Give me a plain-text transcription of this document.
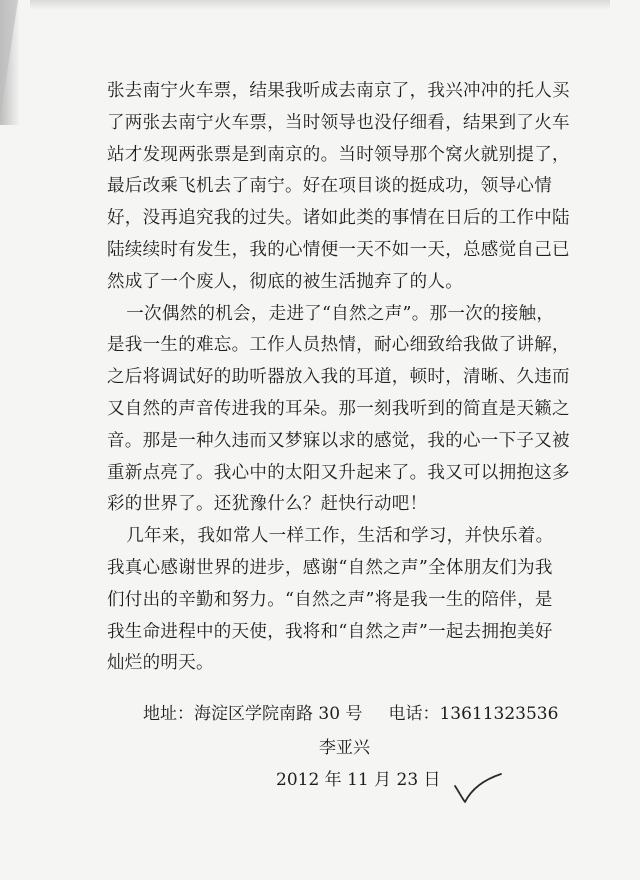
张去南宁火车票，结果我听成去南京了，我兴冲冲的托人买
了两张去南宁火车票，当时领导也没仔细看，结果到了火车
站才发现两张票是到南京的。当时领导那个窝火就别提了，
最后改乘飞机去了南宁。好在项目谈的挺成功，领导心情
好，没再追究我的过失。诸如此类的事情在日后的工作中陆
陆续续时有发生，我的心情便一天不如一天，总感觉自己已
然成了一个废人，彻底的被生活抛弃了的人。

一次偶然的机会，走进了“自然之声”。那一次的接触，
是我一生的难忘。工作人员热情，耐心细致给我做了讲解，
之后将调试好的助听器放入我的耳道，顿时，清晰、久违而
又自然的声音传进我的耳朵。那一刻我听到的简直是天籁之
音。那是一种久违而又梦寐以求的感觉，我的心一下子又被
重新点亮了。我心中的太阳又升起来了。我又可以拥抱这多
彩的世界了。还犹豫什么？赶快行动吧！

几年来，我如常人一样工作，生活和学习，并快乐着。
我真心感谢世界的进步，感谢“自然之声”全体朋友们为我
们付出的辛勤和努力。“自然之声”将是我一生的陪伴，是
我生命进程中的天使，我将和“自然之声”一起去拥抱美好
灿烂的明天。

地址：海淀区学院南路 30 号 电话：13611323536
李亚兴
2012 年 11 月 23 日
